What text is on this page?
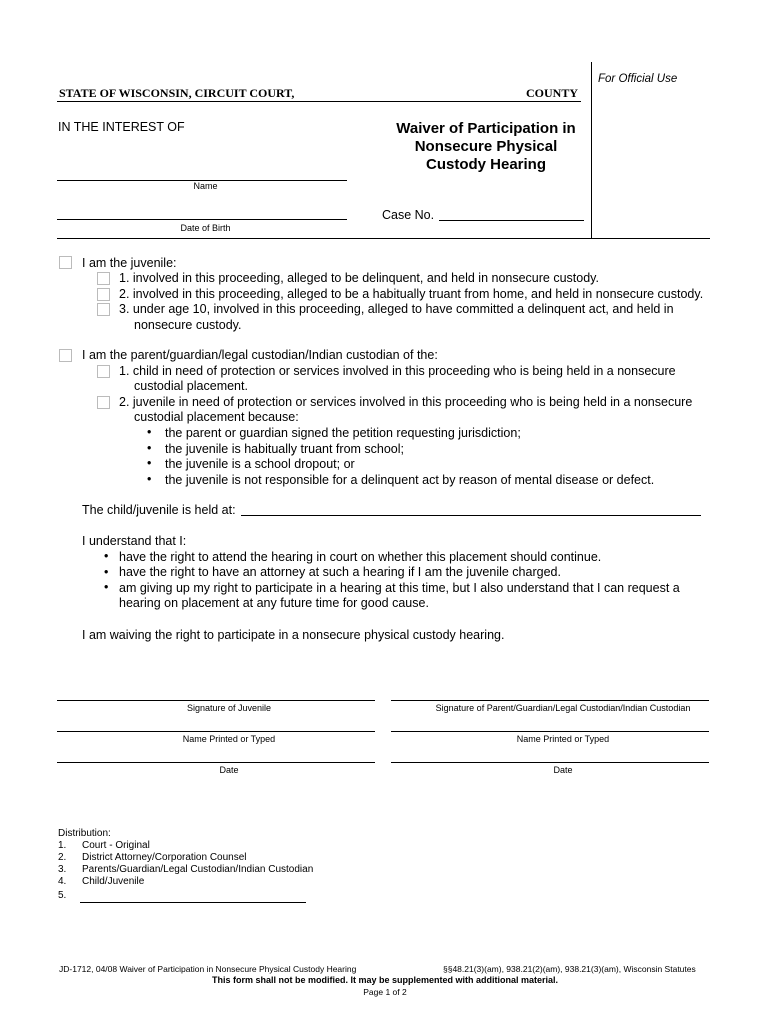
For Official Use
STATE OF WISCONSIN, CIRCUIT COURT,	COUNTY
IN THE INTEREST OF	Waiver of Participation in
Nonsecure Physical
Custody Hearing
Name
Date of Birth
Case No.
I am the juvenile:
1. involved in this proceeding, alleged to be delinquent, and held in nonsecure custody.
2. involved in this proceeding, alleged to be a habitually truant from home, and held in nonsecure custody.
3. under age 10, involved in this proceeding, alleged to have committed a delinquent act, and held in
nonsecure custody.
I am the parent/guardian/legal custodian/Indian custodian of the:
1. child in need of protection or services involved in this proceeding who is being held in a nonsecure
custodial placement.
2. juvenile in need of protection or services involved in this proceeding who is being held in a nonsecure
custodial placement because:
• the parent or guardian signed the petition requesting jurisdiction;
• the juvenile is habitually truant from school;
• the juvenile is a school dropout; or
• the juvenile is not responsible for a delinquent act by reason of mental disease or defect.
The child/juvenile is held at:
I understand that I:
• have the right to attend the hearing in court on whether this placement should continue.
• have the right to have an attorney at such a hearing if I am the juvenile charged.
• am giving up my right to participate in a hearing at this time, but I also understand that I can request a
hearing on placement at any future time for good cause.
I am waiving the right to participate in a nonsecure physical custody hearing.
Signature of Juvenile	Signature of Parent/Guardian/Legal Custodian/Indian Custodian
Name Printed or Typed	Name Printed or Typed
Date	Date
Distribution:
1. Court - Original
2. District Attorney/Corporation Counsel
3. Parents/Guardian/Legal Custodian/Indian Custodian
4. Child/Juvenile
5.
JD-1712, 04/08 Waiver of Participation in Nonsecure Physical Custody Hearing	§§48.21(3)(am), 938.21(2)(am), 938.21(3)(am), Wisconsin Statutes
This form shall not be modified. It may be supplemented with additional material.
Page 1 of 2
